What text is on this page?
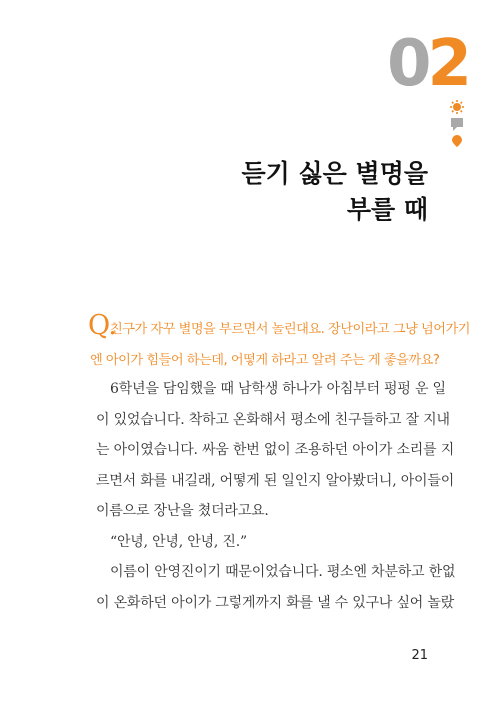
02
듣기 싫은 별명을
부를 때
Q.
친구가 자꾸 별명을 부르면서 놀린대요. 장난이라고 그냥 넘어가기
엔 아이가 힘들어 하는데, 어떻게 하라고 알려 주는 게 좋을까요?
6학년을 담임했을 때 남학생 하나가 아침부터 펑펑 운 일
이 있었습니다. 착하고 온화해서 평소에 친구들하고 잘 지내
는 아이였습니다. 싸움 한번 없이 조용하던 아이가 소리를 지
르면서 화를 내길래, 어떻게 된 일인지 알아봤더니, 아이들이
이름으로 장난을 쳤더라고요.
“안녕, 안녕, 안녕, 진.”
이름이 안영진이기 때문이었습니다. 평소엔 차분하고 한없
이 온화하던 아이가 그렇게까지 화를 낼 수 있구나 싶어 놀랐
21
